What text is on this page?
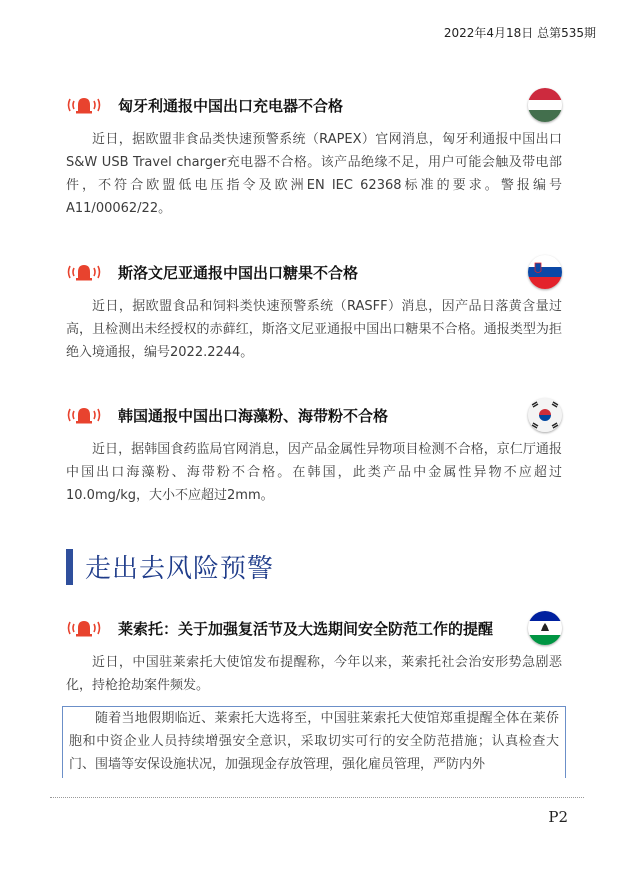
2022年4月18日 总第535期
匈牙利通报中国出口充电器不合格
近日，据欧盟非食品类快速预警系统（RAPEX）官网消息，匈牙利通报中国出口S&W USB Travel charger充电器不合格。该产品绝缘不足，用户可能会触及带电部件，不符合欧盟低电压指令及欧洲EN IEC 62368标准的要求。警报编号A11/00062/22。
斯洛文尼亚通报中国出口糖果不合格
近日，据欧盟食品和饲料类快速预警系统（RASFF）消息，因产品日落黄含量过高，且检测出未经授权的赤藓红，斯洛文尼亚通报中国出口糖果不合格。通报类型为拒绝入境通报，编号2022.2244。
韩国通报中国出口海藻粉、海带粉不合格
近日，据韩国食药监局官网消息，因产品金属性异物项目检测不合格，京仁厅通报中国出口海藻粉、海带粉不合格。在韩国，此类产品中金属性异物不应超过10.0mg/kg，大小不应超过2mm。
走出去风险预警
莱索托：关于加强复活节及大选期间安全防范工作的提醒
近日，中国驻莱索托大使馆发布提醒称，今年以来，莱索托社会治安形势急剧恶化，持枪抢劫案件频发。
随着当地假期临近、莱索托大选将至，中国驻莱索托大使馆郑重提醒全体在莱侨胞和中资企业人员持续增强安全意识，采取切实可行的安全防范措施；认真检查大门、围墙等安保设施状况，加强现金存放管理，强化雇员管理，严防内外
P2
